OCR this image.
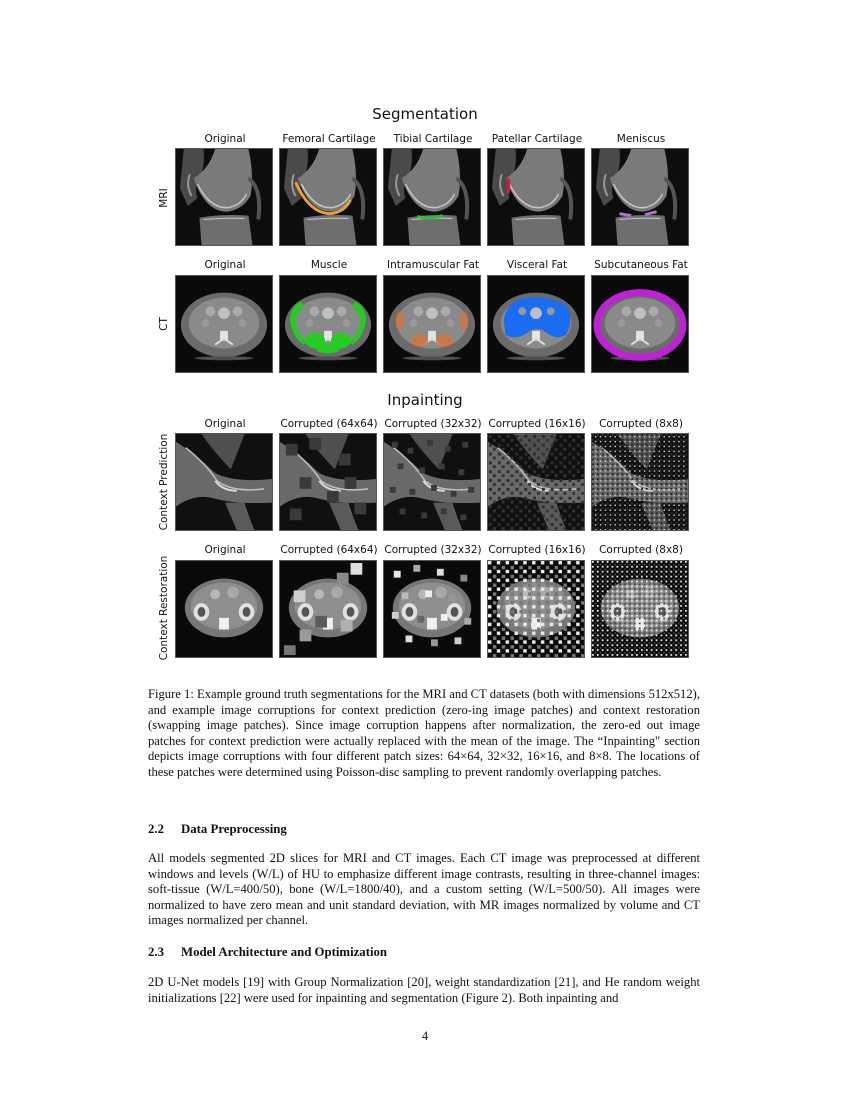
Segmentation
MRI
Original	Femoral Cartilage	Tibial Cartilage	Patellar Cartilage	Meniscus
CT
Original	Muscle	Intramuscular Fat	Visceral Fat	Subcutaneous Fat
Inpainting
Context Prediction
Original	Corrupted (64x64) Corrupted (32x32) Corrupted (16x16)	Corrupted (8x8)
Context Restoration
Original	Corrupted (64x64) Corrupted (32x32) Corrupted (16x16)	Corrupted (8x8)
Figure 1: Example ground truth segmentations for the MRI and CT datasets (both with dimensions 512x512), and example image corruptions for context prediction (zero-ing image patches) and context restoration (swapping image patches). Since image corruption happens after normalization, the zero-ed out image patches for context prediction were actually replaced with the mean of the image. The “Inpainting" section depicts image corruptions with four different patch sizes: 64×64, 32×32, 16×16, and 8×8. The locations of these patches were determined using Poisson-disc sampling to prevent randomly overlapping patches.
2.2 Data Preprocessing
All models segmented 2D slices for MRI and CT images. Each CT image was preprocessed at different windows and levels (W/L) of HU to emphasize different image contrasts, resulting in three-channel images: soft-tissue (W/L=400/50), bone (W/L=1800/40), and a custom setting (W/L=500/50). All images were normalized to have zero mean and unit standard deviation, with MR images normalized by volume and CT images normalized per channel.
2.3 Model Architecture and Optimization
2D U-Net models [19] with Group Normalization [20], weight standardization [21], and He random weight initializations [22] were used for inpainting and segmentation (Figure 2). Both inpainting and
4
